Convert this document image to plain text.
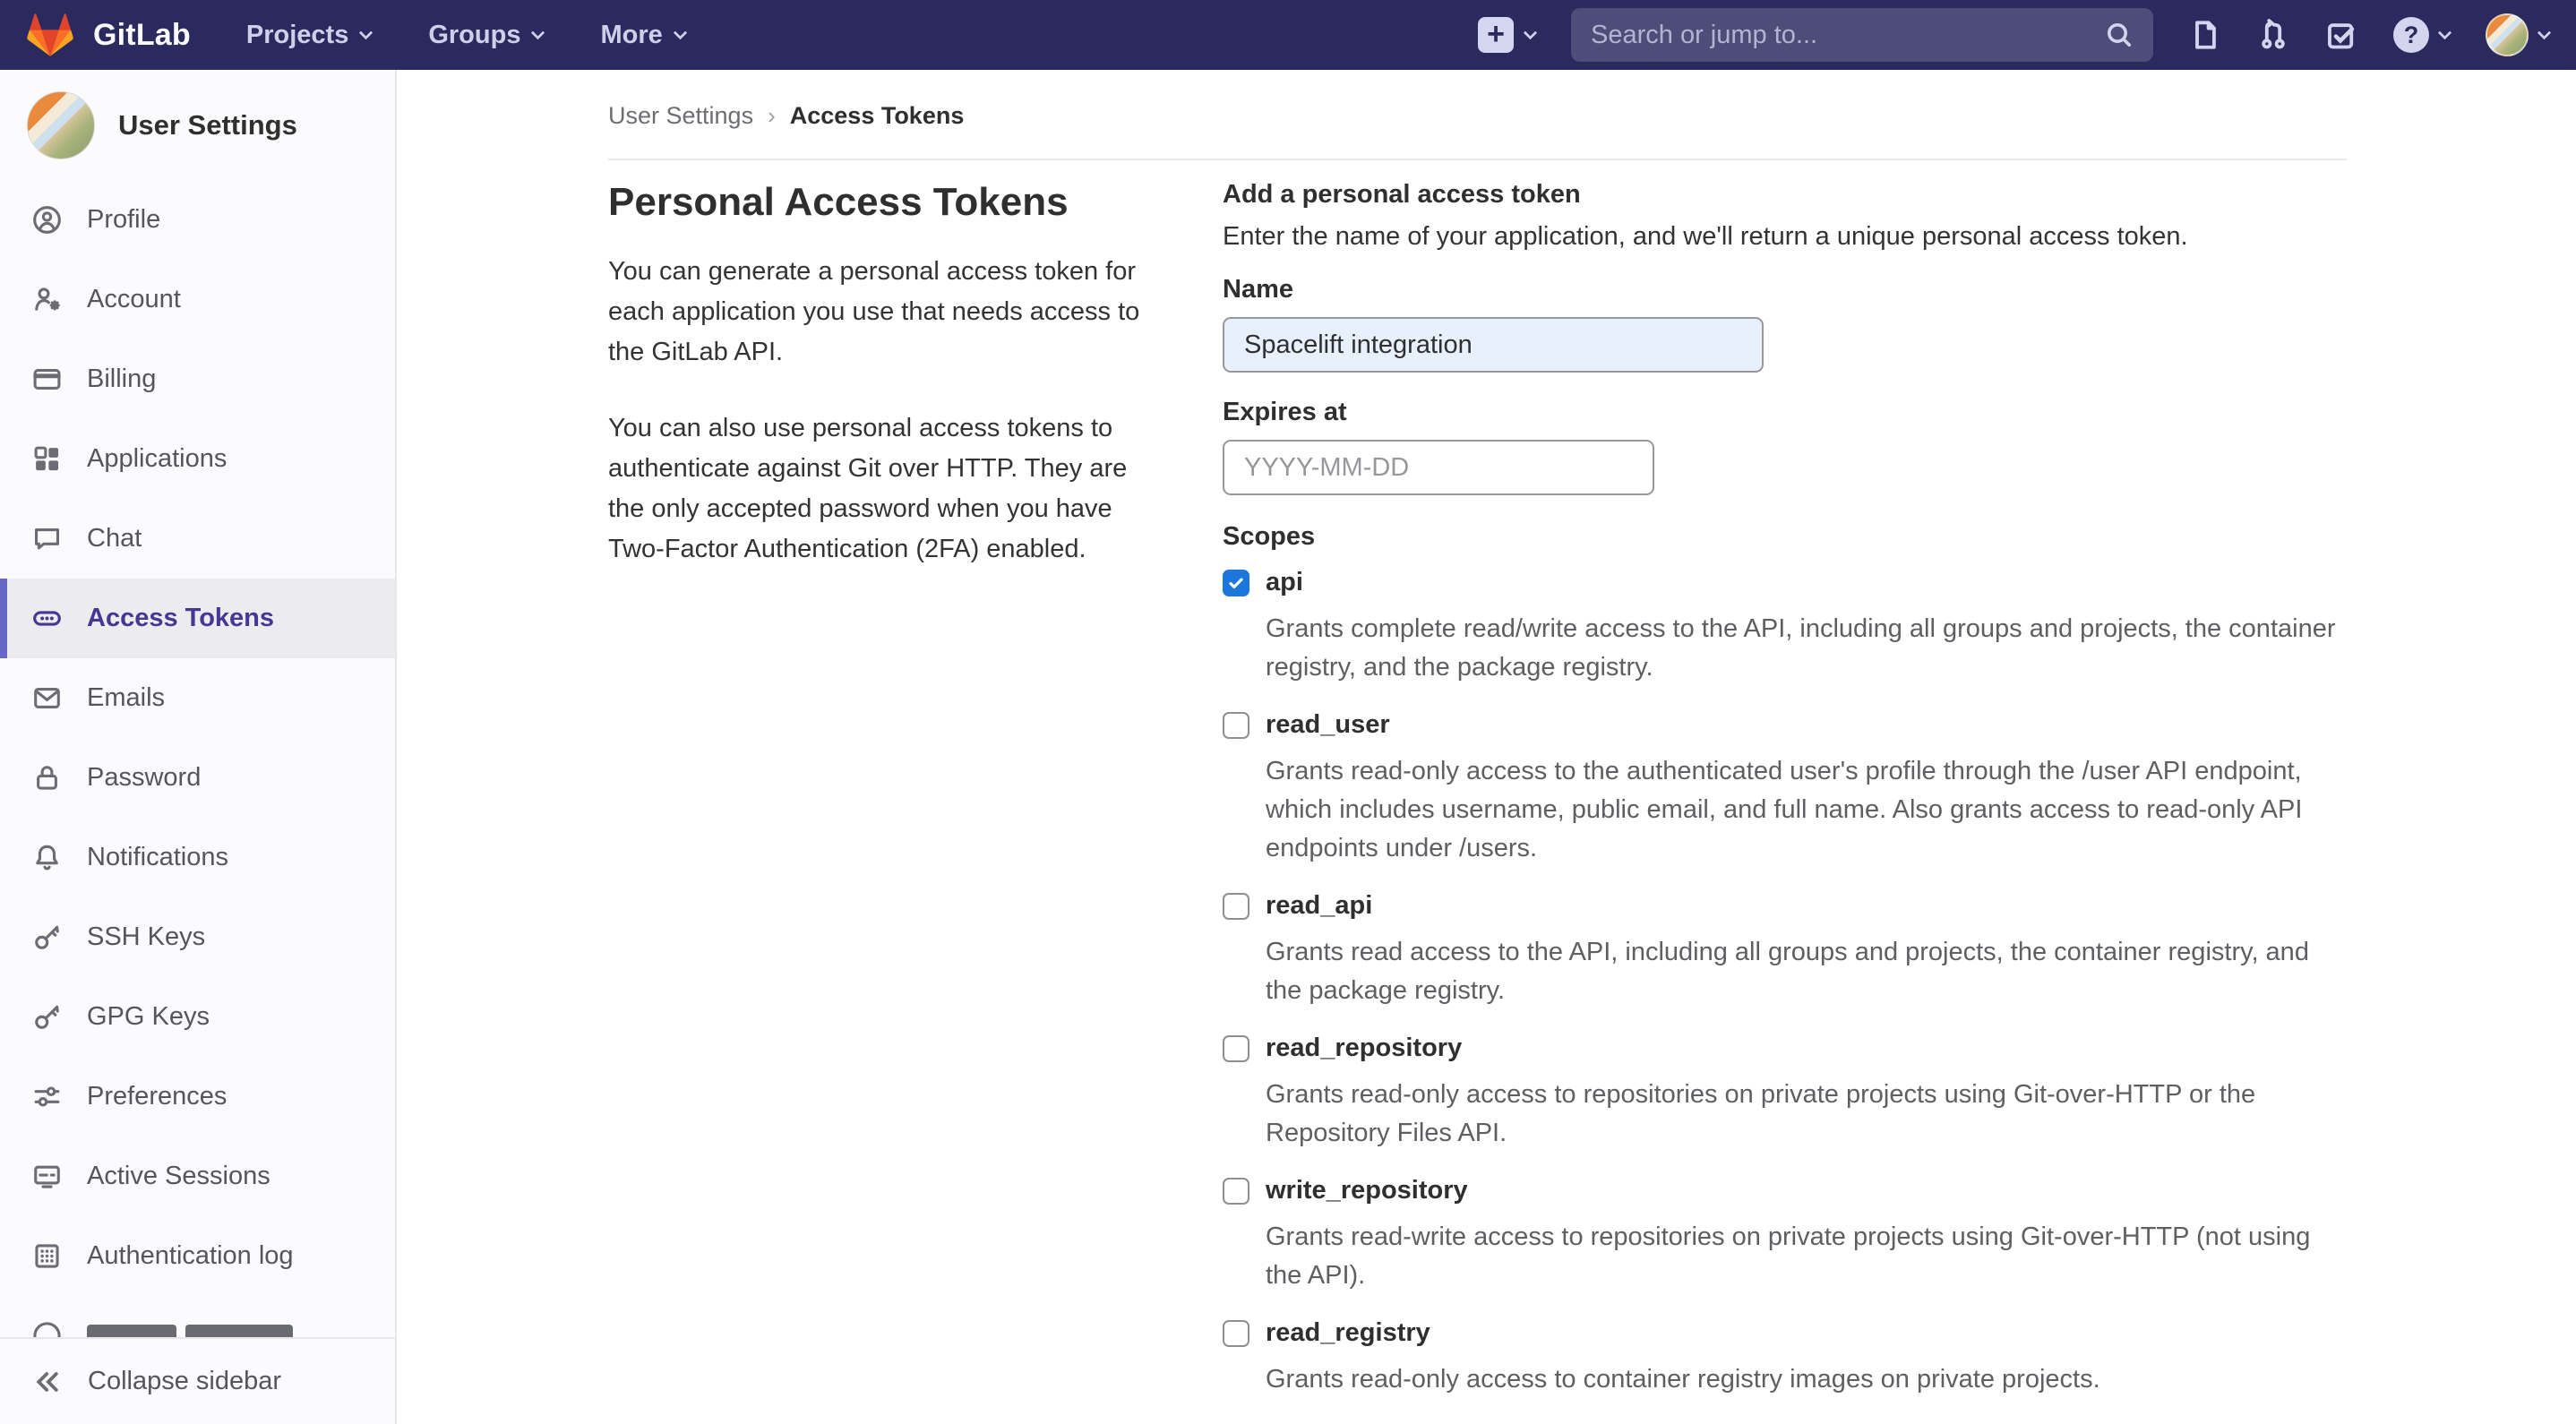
GitLab Projects	Groups	More	+
Search or jump to...	?
User Settings
Profile
Account
Billing
Applications
Chat
Access Tokens
Emails
Password
Notifications
SSH Keys
GPG Keys
Preferences
Active Sessions
Authentication log
Collapse sidebar
User Settings › Access Tokens
Personal Access Tokens

You can generate a personal access token for each application you use that needs access to the GitLab API.

You can also use personal access tokens to authenticate against Git over HTTP. They are the only accepted password when you have Two-Factor Authentication (2FA) enabled.

Add a personal access token
Enter the name of your application, and we'll return a unique personal access token.
Name
Spacelift integration
Expires at
YYYY-MM-DD
Scopes
api
Grants complete read/write access to the API, including all groups and projects, the container registry, and the package registry.
read_user
Grants read-only access to the authenticated user's profile through the /user API endpoint, which includes username, public email, and full name. Also grants access to read-only API endpoints under /users.
read_api
Grants read access to the API, including all groups and projects, the container registry, and the package registry.
read_repository
Grants read-only access to repositories on private projects using Git-over-HTTP or the Repository Files API.
write_repository
Grants read-write access to repositories on private projects using Git-over-HTTP (not using the API).
read_registry
Grants read-only access to container registry images on private projects.
